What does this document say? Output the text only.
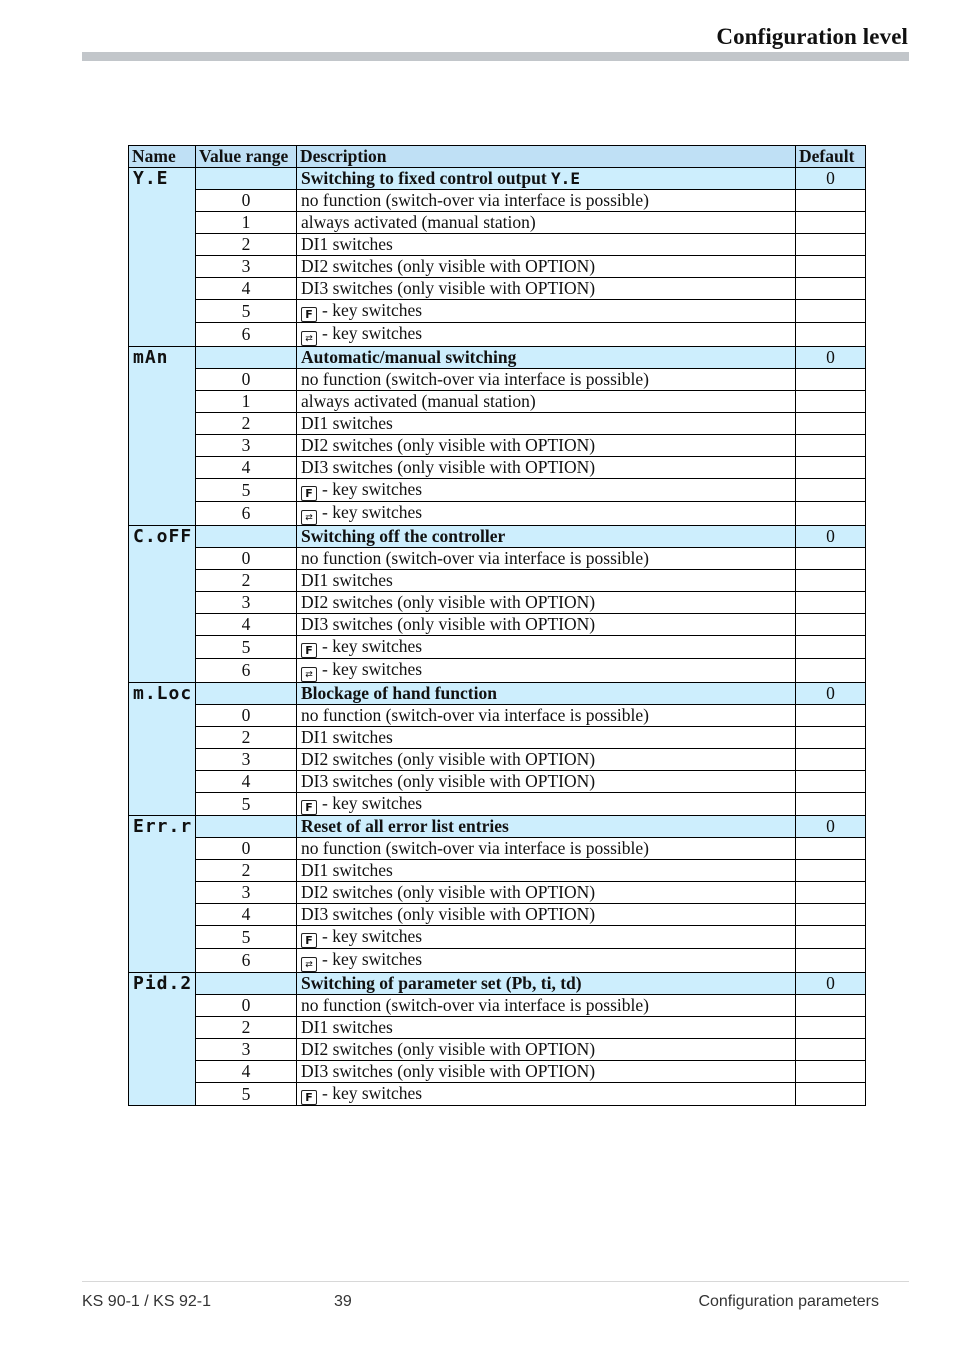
Configuration level
Name	Value range	Description	Default
Y.E		Switching to fixed control output Y.E	0
	0	no function (switch-over via interface is possible)	
	1	always activated (manual station)	
	2	DI1 switches	
	3	DI2 switches (only visible with OPTION)	
	4	DI3 switches (only visible with OPTION)	
	5	F - key switches	
	6	⇄ - key switches	
mAn		Automatic/manual switching	0
	0	no function (switch-over via interface is possible)	
	1	always activated (manual station)	
	2	DI1 switches	
	3	DI2 switches (only visible with OPTION)	
	4	DI3 switches (only visible with OPTION)	
	5	F - key switches	
	6	⇄ - key switches	
C.oFF		Switching off the controller	0
	0	no function (switch-over via interface is possible)	
	2	DI1 switches	
	3	DI2 switches (only visible with OPTION)	
	4	DI3 switches (only visible with OPTION)	
	5	F - key switches	
	6	⇄ - key switches	
m.Loc		Blockage of hand function	0
	0	no function (switch-over via interface is possible)	
	2	DI1 switches	
	3	DI2 switches (only visible with OPTION)	
	4	DI3 switches (only visible with OPTION)	
	5	F - key switches	
Err.r		Reset of all error list entries	0
	0	no function (switch-over via interface is possible)	
	2	DI1 switches	
	3	DI2 switches (only visible with OPTION)	
	4	DI3 switches (only visible with OPTION)	
	5	F - key switches	
	6	⇄ - key switches	
Pid.2		Switching of parameter set (Pb, ti, td)	0
	0	no function (switch-over via interface is possible)	
	2	DI1 switches	
	3	DI2 switches (only visible with OPTION)	
	4	DI3 switches (only visible with OPTION)	
	5	F - key switches	
KS 90-1 / KS 92-1	39	Configuration parameters
